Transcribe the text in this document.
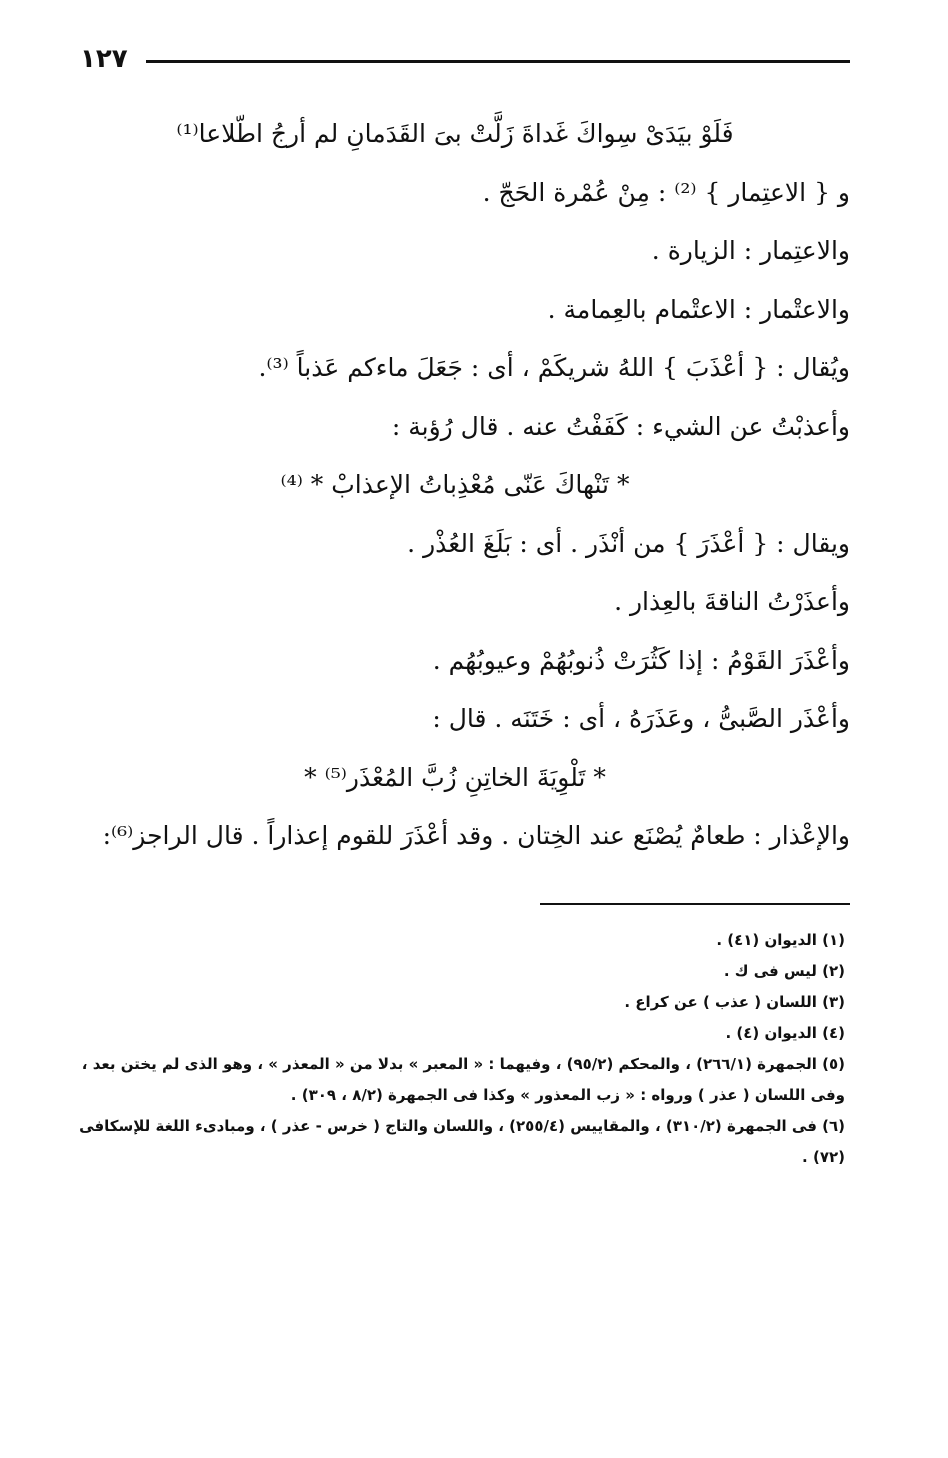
١٢٧
فَلَوْ بيَدَىْ سِواكَ غَداةَ زَلَّتْ بىَ القَدَمانِ لم أرجُ اطّلاعا⁽¹⁾
و { الاعتِمار } ⁽²⁾ : مِنْ عُمْرة الحَجّ .
والاعتِمار : الزيارة .
والاعتْمار : الاعتْمام بالعِمامة .
ويُقال : { أعْذَبَ } اللهُ شريكَمْ ، أى : جَعَلَ ماءكم عَذباً ⁽³⁾.
وأعذبْتُ عن الشيء : كَفَفْتُ عنه . قال رُؤبة :
* تَنْهاكَ عَنّى مُعْذِباتُ الإعذابْ * ⁽⁴⁾
ويقال : { أعْذَرَ } من أنْذَر . أى : بَلَغَ العُذْر .
وأعذَرْتُ الناقةَ بالعِذار .
وأعْذَرَ القَوْمُ : إذا كَثُرَتْ ذُنوبُهُمْ وعيوبُهُم .
وأعْذَر الصَّبىُّ ، وعَذَرَهُ ، أى : خَتَنَه . قال :
* تَلْوِيَةَ الخاتِنِ زُبَّ المُعْذَر⁽⁵⁾ *
والإعْذار : طعامٌ يُصْنَع عند الخِتان . وقد أعْذَرَ للقوم إعذاراً . قال الراجز⁽⁶⁾:
(١) الديوان (٤١) .
(٢) ليس فى ك .
(٣) اللسان ( عذب ) عن كراع .
(٤) الديوان (٤) .
(٥) الجمهرة (٢٦٦/١) ، والمحكم (٩٥/٢) ، وفيهما : « المعبر » بدلا من « المعذر » ، وهو الذى لم يختن بعد ، وفى اللسان ( عذر ) ورواه : « زب المعذور » وكذا فى الجمهرة (٨/٢ ، ٣٠٩) .
(٦) فى الجمهرة (٣١٠/٢) ، والمقاييس (٢٥٥/٤) ، واللسان والتاج ( خرس - عذر ) ، ومبادىء اللغة للإسكافى (٧٢) .
